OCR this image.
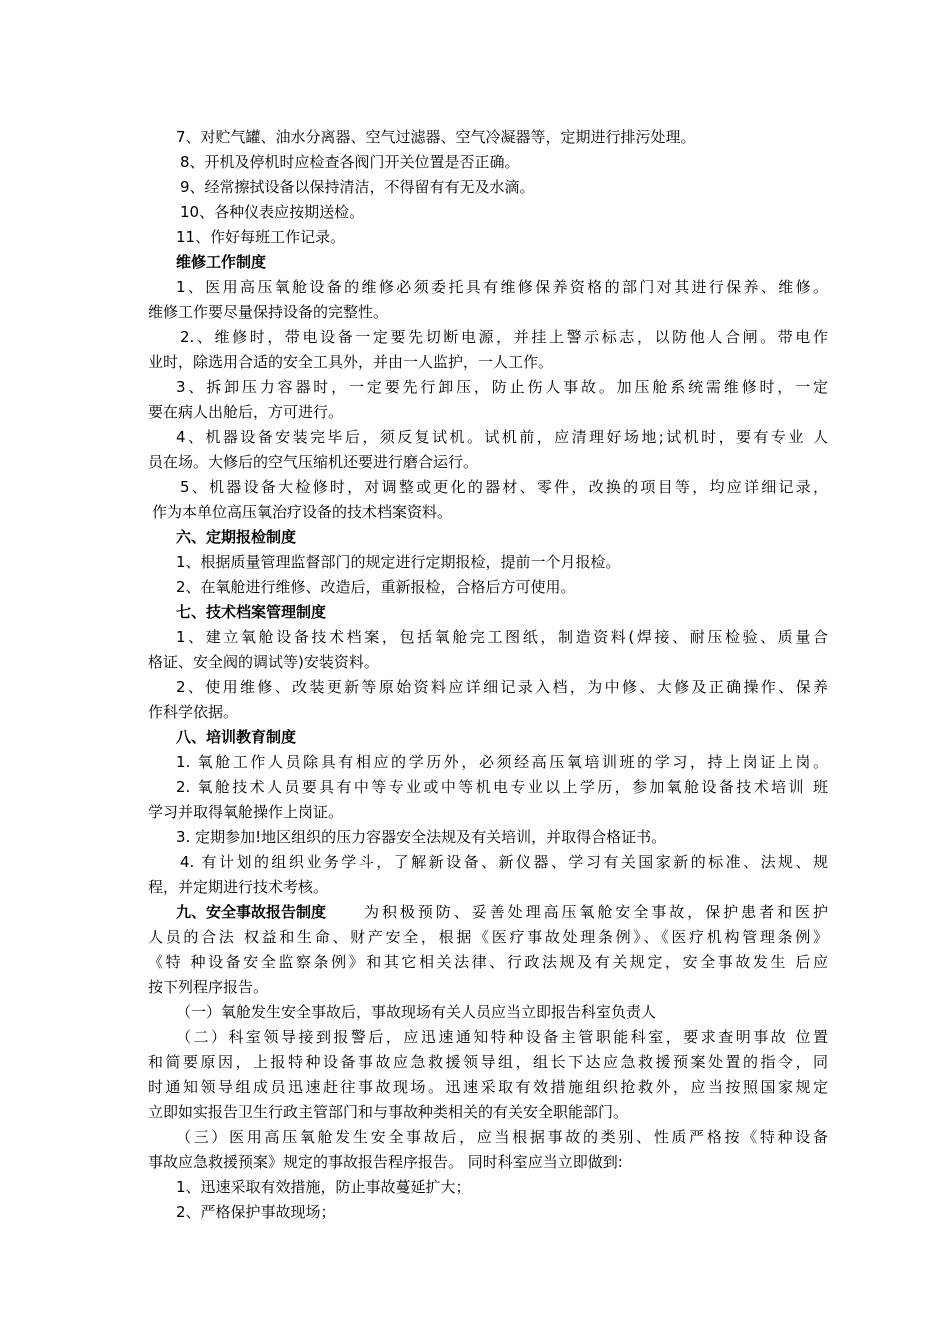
7、对贮气罐、油水分离器、空气过滤器、空气冷凝器等，定期进行排污处理。
8、开机及停机时应检查各阀门开关位置是否正确。
9、经常擦拭设备以保持清洁，不得留有有无及水滴。
10、各种仪表应按期送检。
11、作好每班工作记录。
维修工作制度
1、医用高压氧舱设备的维修必须委托具有维修保养资格的部门对其进行保养、维修。
维修工作要尽量保持设备的完整性。
2.、维修时，带电设备一定要先切断电源，并挂上警示标志，以防他人合闸。带电作
业时，除选用合适的安全工具外，并由一人监护，一人工作。
3、拆卸压力容器时，一定要先行卸压，防止伤人事故。加压舱系统需维修时，一定
要在病人出舱后，方可进行。
4、机器设备安装完毕后，须反复试机。试机前，应清理好场地;试机时，要有专业 人
员在场。大修后的空气压缩机还要进行磨合运行。
5、机器设备大检修时，对调整或更化的器材、零件，改换的项目等，均应详细记录，
作为本单位高压氧治疗设备的技术档案资料。
六、定期报检制度
1、根据质量管理监督部门的规定进行定期报检，提前一个月报检。
2、在氧舱进行维修、改造后，重新报检，合格后方可使用。
七、技术档案管理制度
1、建立氧舱设备技术档案，包括氧舱完工图纸，制造资料(焊接、耐压检验、质量合
格证、安全阀的调试等)安装资料。
2、使用维修、改装更新等原始资料应详细记录入档，为中修、大修及正确操作、保养
作科学依据。
八、培训教育制度
1. 氧舱工作人员除具有相应的学历外，必须经高压氧培训班的学习，持上岗证上岗。
2. 氧舱技术人员要具有中等专业或中等机电专业以上学历，参加氧舱设备技术培训 班
学习并取得氧舱操作上岗证。
3. 定期参加!地区组织的压力容器安全法规及有关培训，并取得合格证书。
4. 有计划的组织业务学斗，了解新设备、新仪器、学习有关国家新的标准、法规、规
程，并定期进行技术考核。
九、安全事故报告制度	为积极预防、妥善处理高压氧舱安全事故，保护患者和医护
人员的合法 权益和生命、财产安全，根据《医疗事故处理条例》、《医疗机构管理条例》
《特 种设备安全监察条例》和其它相关法律、行政法规及有关规定，安全事故发生 后应
按下列程序报告。
（一）氧舱发生安全事故后，事故现场有关人员应当立即报告科室负责人
（二）科室领导接到报警后，应迅速通知特种设备主管职能科室，要求查明事故 位置
和简要原因，上报特种设备事故应急救援领导组，组长下达应急救援预案处置的指令，同
时通知领导组成员迅速赶往事故现场。迅速采取有效措施组织抢救外，应当按照国家规定
立即如实报告卫生行政主管部门和与事故种类相关的有关安全职能部门。
（三）医用高压氧舱发生安全事故后，应当根据事故的类别、性质严格按《特种设备
事故应急救援预案》规定的事故报告程序报告。 同时科室应当立即做到:
1、迅速采取有效措施，防止事故蔓延扩大；
2、严格保护事故现场；
